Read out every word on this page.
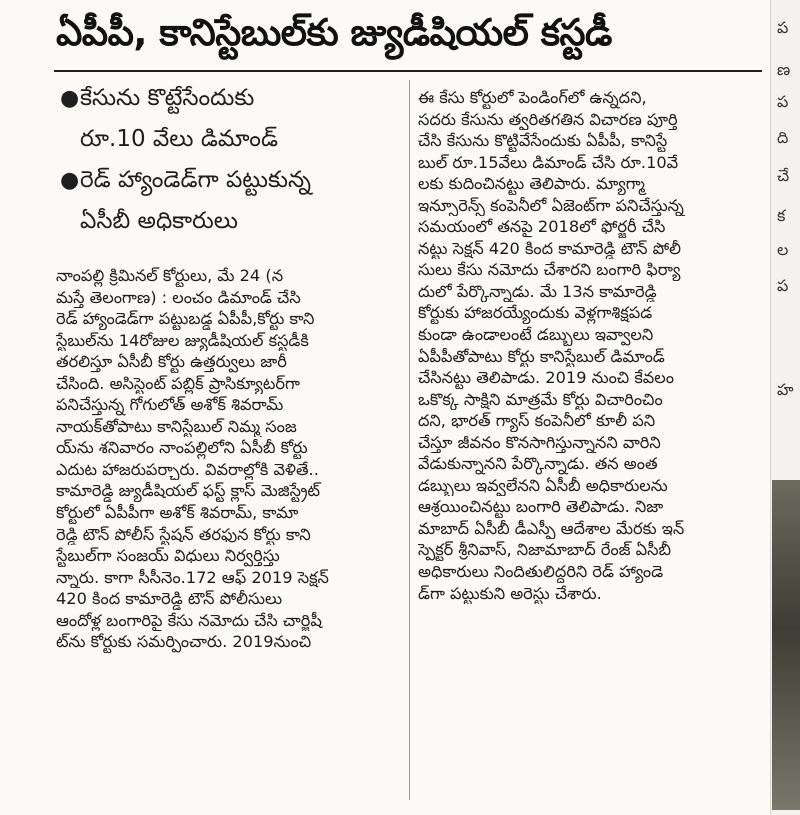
ఏపీపీ, కానిస్టేబుల్‌కు జ్యుడీషియల్ కస్టడీ
● కేసును కొట్టేసేందుకు
రూ.10 వేలు డిమాండ్
● రెడ్ హ్యాండెడ్‌గా పట్టుకున్న
ఏసీబీ అధికారులు
నాంపల్లి క్రిమినల్ కోర్టులు, మే 24 (న
మస్తే తెలంగాణ) : లంచం డిమాండ్ చేసి
రెడ్ హ్యాండెడ్‌గా పట్టుబడ్డ ఏపీపీ,కోర్టు కాని
స్టేబుల్‌ను 14రోజుల జ్యుడీషియల్ కస్టడీకి
తరలిస్తూ ఏసీబీ కోర్టు ఉత్తర్వులు జారీ
చేసింది. అసిస్టెంట్ పబ్లిక్ ప్రాసిక్యూటర్‌గా
పనిచేస్తున్న గోగులోత్ అశోక్ శివరామ్
నాయక్‌తోపాటు కానిస్టేబుల్ నిమ్మ సంజ
య్‌ను శనివారం నాంపల్లిలోని ఏసీబీ కోర్టు
ఎదుట హాజరుపర్చారు. వివరాల్లోకి వెళితే..
కామారెడ్డి జ్యుడీషియల్ ఫస్ట్ క్లాస్ మెజిస్ట్రేట్
కోర్టులో ఏపీపీగా అశోక్ శివరామ్, కామా
రెడ్డి టౌన్ పోలీస్ స్టేషన్ తరఫున కోర్టు కాని
స్టేబుల్‌గా సంజయ్ విధులు నిర్వర్తిస్తు
న్నారు. కాగా సీసీనెం.172 ఆఫ్ 2019 సెక్షన్
420 కింద కామారెడ్డి టౌన్ పోలీసులు
ఆందోళ్ల బంగారిపై కేసు నమోదు చేసి చార్జిషీ
ట్‌ను కోర్టుకు సమర్పించారు. 2019నుంచి
ఈ కేసు కోర్టులో పెండింగ్‌లో ఉన్నదని,
సదరు కేసును త్వరితగతిన విచారణ పూర్తి
చేసి కేసును కొట్టివేసేందుకు ఏపీపీ, కానిస్టే
బుల్ రూ.15వేలు డిమాండ్ చేసి రూ.10వే
లకు కుదించినట్టు తెలిపారు. మ్యాగ్మా
ఇన్సూరెన్స్ కంపెనీలో ఏజెంట్‌గా పనిచేస్తున్న
సమయంలో తనపై 2018లో ఫోర్జరీ చేసి
నట్టు సెక్షన్ 420 కింద కామారెడ్డి టౌన్ పోలీ
సులు కేసు నమోదు చేశారని బంగారి ఫిర్యా
దులో పేర్కొన్నాడు. మే 13న కామారెడ్డి
కోర్టుకు హాజరయ్యేందుకు వెళ్లగాశిక్షపడ
కుండా ఉండాలంటే డబ్బులు ఇవ్వాలని
ఏపీపీతోపాటు కోర్టు కానిస్టేబుల్ డిమాండ్
చేసినట్టు తెలిపాడు. 2019 నుంచి కేవలం
ఒకొక్క సాక్షిని మాత్రమే కోర్టు విచారించిం
దని, భారత్ గ్యాస్ కంపెనీలో కూలీ పని
చేస్తూ జీవనం కొనసాగిస్తున్నానని వారిని
వేడుకున్నానని పేర్కొన్నాడు. తన అంత
డబ్బులు ఇవ్వలేనని ఏసీబీ అధికారులను
ఆశ్రయించినట్టు బంగారి తెలిపాడు. నిజా
మాబాద్ ఏసీబీ డీఎస్పీ ఆదేశాల మేరకు ఇన్
స్పెక్టర్ శ్రీనివాస్, నిజామాబాద్ రేంజ్ ఏసీబీ
అధికారులు నిందితులిద్దరిని రెడ్ హ్యాండె
డ్‌గా పట్టుకుని అరెస్టు చేశారు.
ప
ణ
ప
ది
చే
క
ల
ప
హ
